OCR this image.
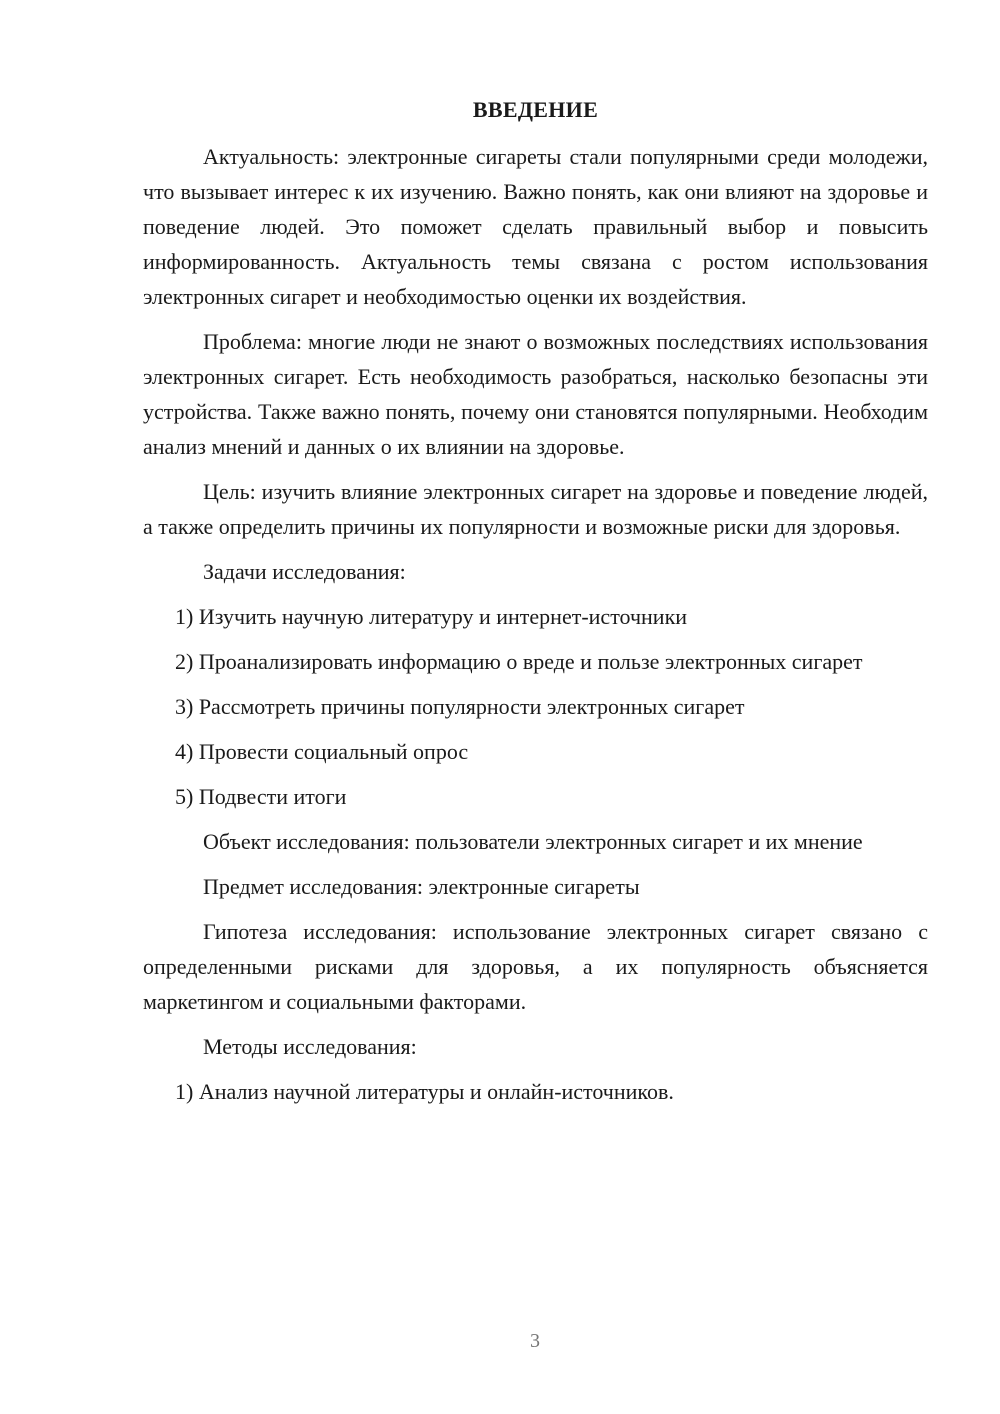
ВВЕДЕНИЕ

Актуальность: электронные сигареты стали популярными среди молодежи, что вызывает интерес к их изучению. Важно понять, как они влияют на здоровье и поведение людей. Это поможет сделать правильный выбор и повысить информированность. Актуальность темы связана с ростом использования электронных сигарет и необходимостью оценки их воздействия.

Проблема: многие люди не знают о возможных последствиях использования электронных сигарет. Есть необходимость разобраться, насколько безопасны эти устройства. Также важно понять, почему они становятся популярными. Необходим анализ мнений и данных о их влиянии на здоровье.

Цель: изучить влияние электронных сигарет на здоровье и поведение людей, а также определить причины их популярности и возможные риски для здоровья.

Задачи исследования:

1) Изучить научную литературу и интернет-источники

2) Проанализировать информацию о вреде и пользе электронных сигарет

3) Рассмотреть причины популярности электронных сигарет

4) Провести социальный опрос

5) Подвести итоги

Объект исследования: пользователи электронных сигарет и их мнение

Предмет исследования: электронные сигареты

Гипотеза исследования: использование электронных сигарет связано с определенными рисками для здоровья, а их популярность объясняется маркетингом и социальными факторами.

Методы исследования:

1) Анализ научной литературы и онлайн-источников.

3
